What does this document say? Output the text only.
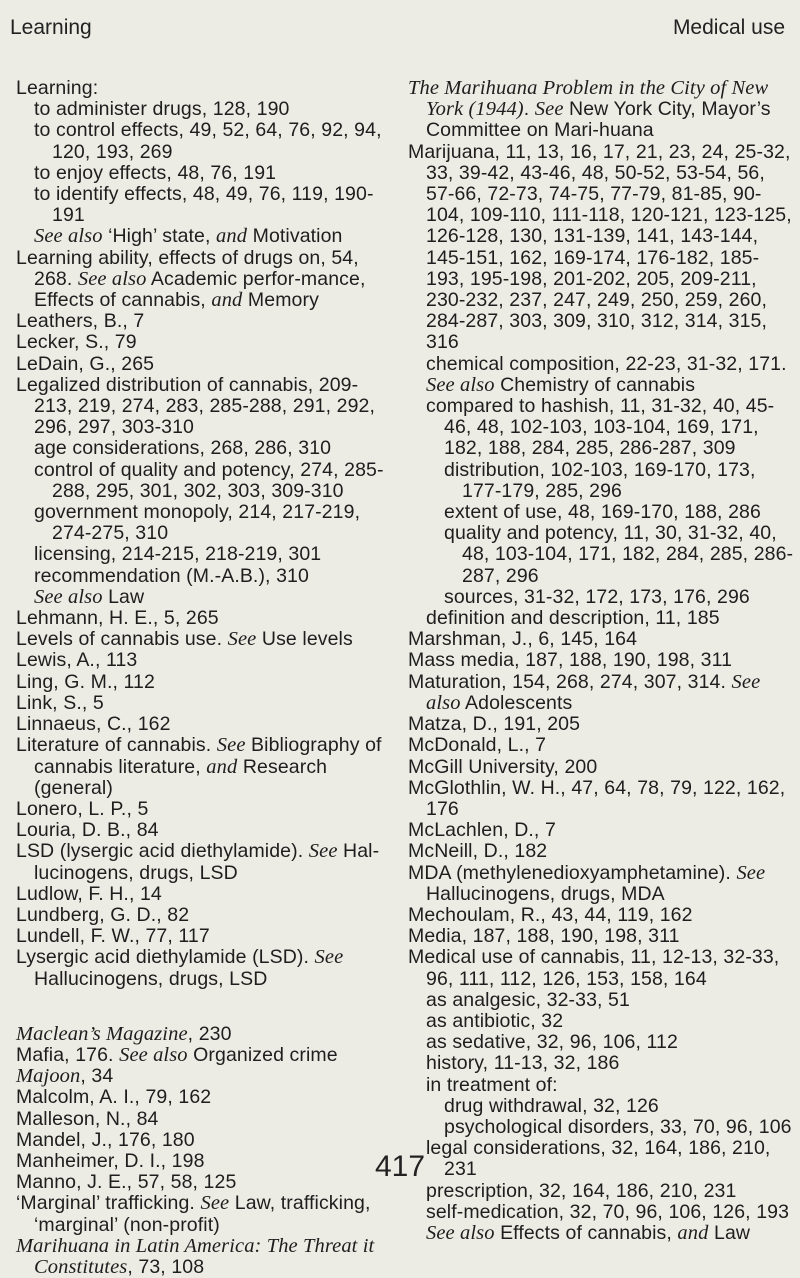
Learning	Medical use

Learning:

to administer drugs, 128, 190

to control effects, 49, 52, 64, 76, 92, 94, 120, 193, 269

to enjoy effects, 48, 76, 191

to identify effects, 48, 49, 76, 119, 190-191

See also ‘High’ state, and Motivation

Learning ability, effects of drugs on, 54, 268. See also Academic perfor-mance, Effects of cannabis, and Memory

Leathers, B., 7

Lecker, S., 79

LeDain, G., 265

Legalized distribution of cannabis, 209-213, 219, 274, 283, 285-288, 291, 292, 296, 297, 303-310

age considerations, 268, 286, 310

control of quality and potency, 274, 285-288, 295, 301, 302, 303, 309-310

government monopoly, 214, 217-219, 274-275, 310

licensing, 214-215, 218-219, 301

recommendation (M.-A.B.), 310

See also Law

Lehmann, H. E., 5, 265

Levels of cannabis use. See Use levels

Lewis, A., 113

Ling, G. M., 112

Link, S., 5

Linnaeus, C., 162

Literature of cannabis. See Bibliography of cannabis literature, and Research (general)

Lonero, L. P., 5

Louria, D. B., 84

LSD (lysergic acid diethylamide). See Hal-lucinogens, drugs, LSD

Ludlow, F. H., 14

Lundberg, G. D., 82

Lundell, F. W., 77, 117

Lysergic acid diethylamide (LSD). See Hallucinogens, drugs, LSD

Maclean’s Magazine, 230

Mafia, 176. See also Organized crime

Majoon, 34

Malcolm, A. I., 79, 162

Malleson, N., 84

Mandel, J., 176, 180

Manheimer, D. I., 198

Manno, J. E., 57, 58, 125

‘Marginal’ trafficking. See Law, trafficking, ‘marginal’ (non-profit)

Marihuana in Latin America: The Threat it Constitutes, 73, 108

The Marihuana Problem in the City of New York (1944). See New York City, Mayor’s Committee on Mari-huana

Marijuana, 11, 13, 16, 17, 21, 23, 24, 25-32, 33, 39-42, 43-46, 48, 50-52, 53-54, 56, 57-66, 72-73, 74-75, 77-79, 81-85, 90-104, 109-110, 111-118, 120-121, 123-125, 126-128, 130, 131-139, 141, 143-144, 145-151, 162, 169-174, 176-182, 185-193, 195-198, 201-202, 205, 209-211, 230-232, 237, 247, 249, 250, 259, 260, 284-287, 303, 309, 310, 312, 314, 315, 316

chemical composition, 22-23, 31-32, 171.

See also Chemistry of cannabis

compared to hashish, 11, 31-32, 40, 45-46, 48, 102-103, 103-104, 169, 171, 182, 188, 284, 285, 286-287, 309

distribution, 102-103, 169-170, 173, 177-179, 285, 296

extent of use, 48, 169-170, 188, 286

quality and potency, 11, 30, 31-32, 40, 48, 103-104, 171, 182, 284, 285, 286-287, 296

sources, 31-32, 172, 173, 176, 296

definition and description, 11, 185

Marshman, J., 6, 145, 164

Mass media, 187, 188, 190, 198, 311

Maturation, 154, 268, 274, 307, 314. See also Adolescents

Matza, D., 191, 205

McDonald, L., 7

McGill University, 200

McGlothlin, W. H., 47, 64, 78, 79, 122, 162, 176

McLachlen, D., 7

McNeill, D., 182

MDA (methylenedioxyamphetamine). See Hallucinogens, drugs, MDA

Mechoulam, R., 43, 44, 119, 162

Media, 187, 188, 190, 198, 311

Medical use of cannabis, 11, 12-13, 32-33, 96, 111, 112, 126, 153, 158, 164

as analgesic, 32-33, 51

as antibiotic, 32

as sedative, 32, 96, 106, 112

history, 11-13, 32, 186

in treatment of:

drug withdrawal, 32, 126

psychological disorders, 33, 70, 96, 106

legal considerations, 32, 164, 186, 210, 231

prescription, 32, 164, 186, 210, 231

self-medication, 32, 70, 96, 106, 126, 193

See also Effects of cannabis, and Law

417
